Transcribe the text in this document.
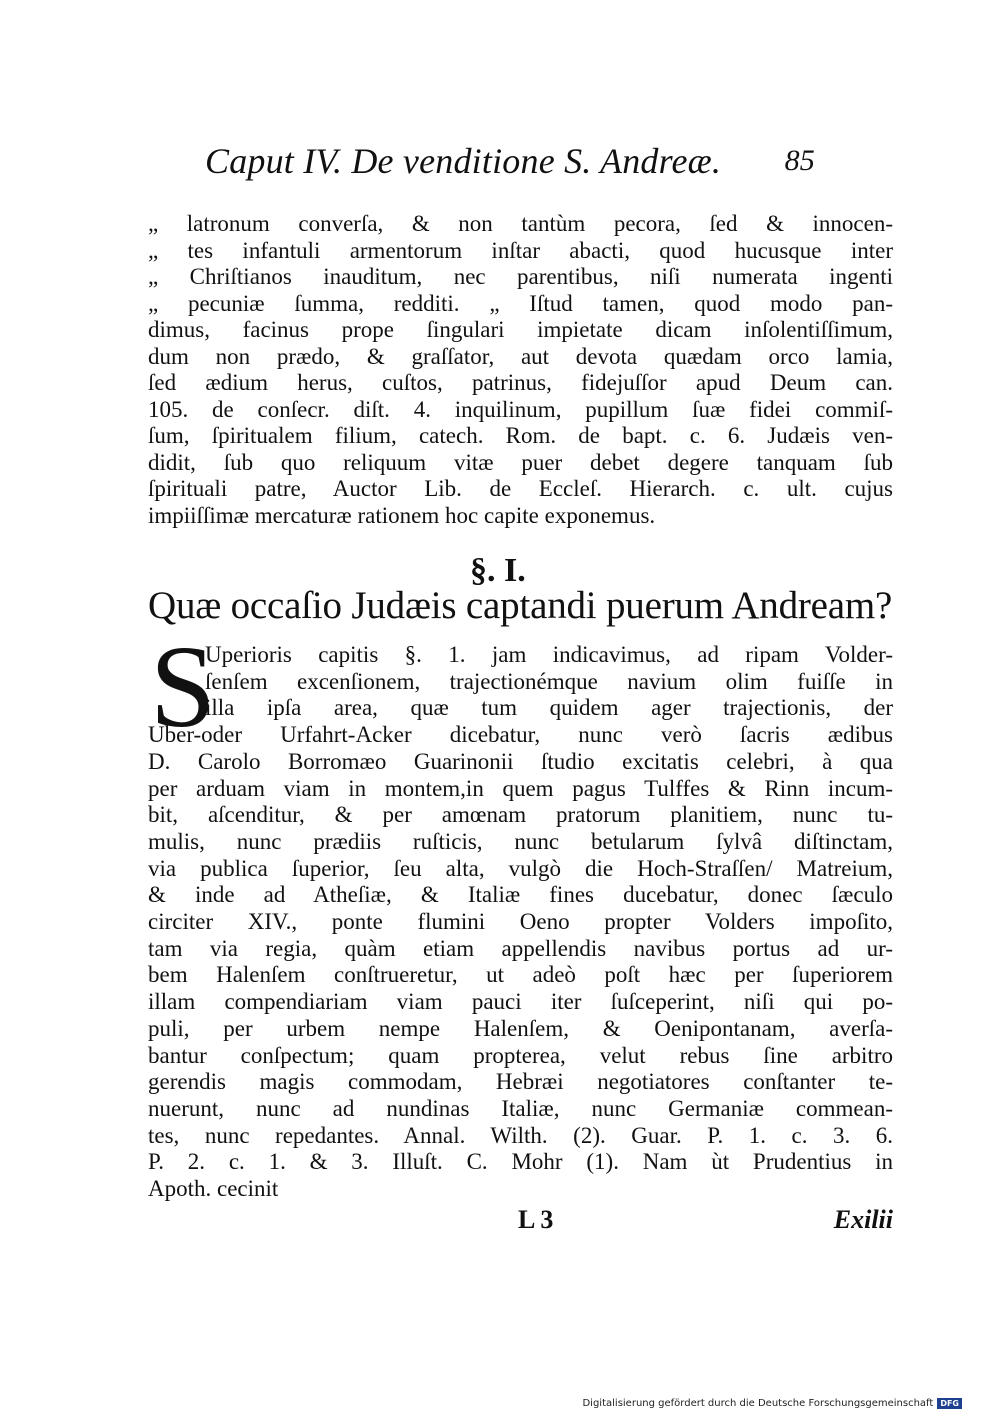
Caput IV. De venditione S. Andreæ. 85
„ latronum converſa, & non tantùm pecora, ſed & innocen-
„ tes infantuli armentorum inſtar abacti, quod hucusque inter
„ Chriſtianos inauditum, nec parentibus, niſi numerata ingenti
„ pecuniæ ſumma, redditi. „ Iſtud tamen, quod modo pan-
dimus, facinus prope ſingulari impietate dicam inſolentiſſimum,
dum non prædo, & graſſator, aut devota quædam orco lamia,
ſed ædium herus, cuſtos, patrinus, fidejuſſor apud Deum can.
105. de conſecr. diſt. 4. inquilinum, pupillum ſuæ fidei commiſ-
ſum, ſpiritualem filium, catech. Rom. de bapt. c. 6. Judæis ven-
didit, ſub quo reliquum vitæ puer debet degere tanquam ſub
ſpirituali patre, Auctor Lib. de Eccleſ. Hierarch. c. ult. cujus
impiiſſimæ mercaturæ rationem hoc capite exponemus.
§. I.
Quæ occaſio Judæis captandi puerum Andream?
S
Uperioris capitis §. 1. jam indicavimus, ad ripam Volder-
ſenſem excenſionem, trajectionémque navium olim fuiſſe in
illa ipſa area, quæ tum quidem ager trajectionis, der
Uber-oder Urfahrt-Acker dicebatur, nunc verò ſacris ædibus
D. Carolo Borromæo Guarinonii ſtudio excitatis celebri, à qua
per arduam viam in montem,in quem pagus Tulffes & Rinn incum-
bit, aſcenditur, & per amœnam pratorum planitiem, nunc tu-
mulis, nunc prædiis ruſticis, nunc betularum ſylvâ diſtinctam,
via publica ſuperior, ſeu alta, vulgò die Hoch-Straſſen/ Matreium,
& inde ad Atheſiæ, & Italiæ fines ducebatur, donec ſæculo
circiter XIV., ponte flumini Oeno propter Volders impoſito,
tam via regia, quàm etiam appellendis navibus portus ad ur-
bem Halenſem conſtrueretur, ut adeò poſt hæc per ſuperiorem
illam compendiariam viam pauci iter ſuſceperint, niſi qui po-
puli, per urbem nempe Halenſem, & Oenipontanam, averſa-
bantur conſpectum; quam propterea, velut rebus ſine arbitro
gerendis magis commodam, Hebræi negotiatores conſtanter te-
nuerunt, nunc ad nundinas Italiæ, nunc Germaniæ commean-
tes, nunc repedantes. Annal. Wilth. (2). Guar. P. 1. c. 3. 6.
P. 2. c. 1. & 3. Illuſt. C. Mohr (1). Nam ùt Prudentius in
Apoth. cecinit
L 3	Exilii
Digitalisierung gefördert durch die Deutsche Forschungsgemeinschaft DFG
